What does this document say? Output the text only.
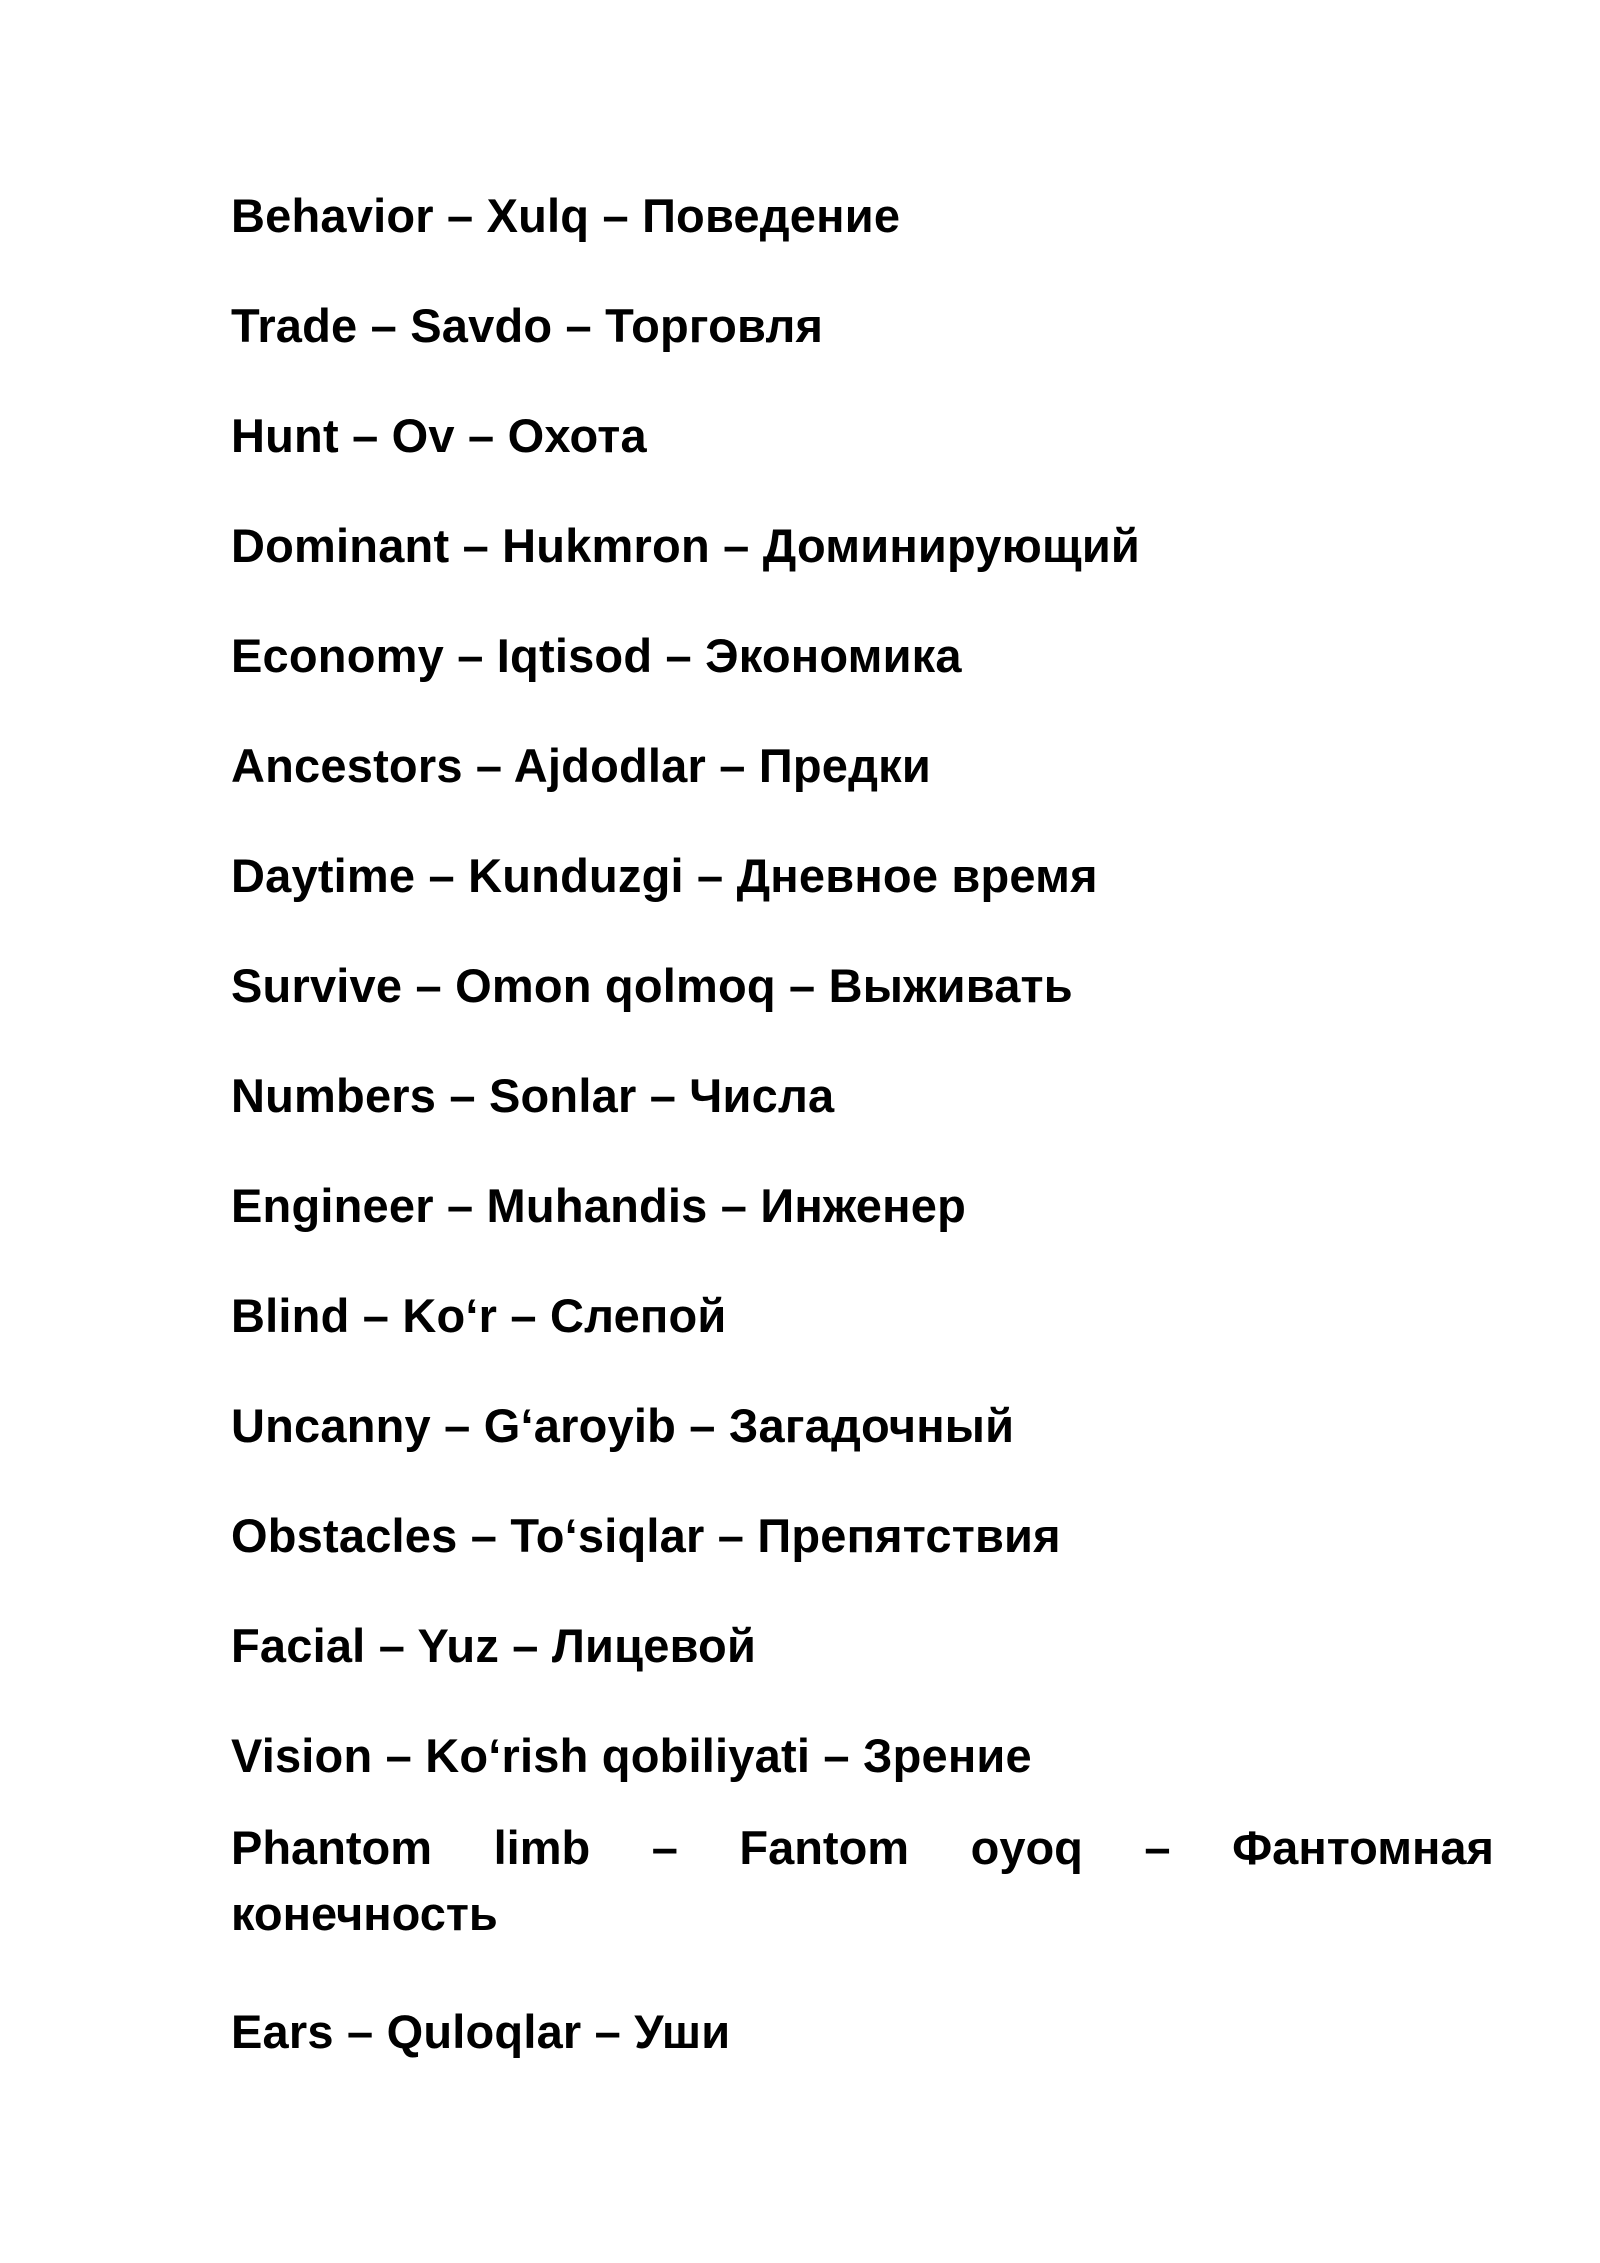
Behavior – Xulq – Поведение
Trade – Savdo – Торговля
Hunt – Ov – Охота
Dominant – Hukmron – Доминирующий
Economy – Iqtisod – Экономика
Ancestors – Ajdodlar – Предки
Daytime – Kunduzgi – Дневное время
Survive – Omon qolmoq – Выживать
Numbers – Sonlar – Числа
Engineer – Muhandis – Инженер
Blind – Ko‘r – Слепой
Uncanny – G‘aroyib – Загадочный
Obstacles – To‘siqlar – Препятствия
Facial – Yuz – Лицевой
Vision – Ko‘rish qobiliyati – Зрение
Phantom limb – Fantom oyoq – Фантомная
конечность
Ears – Quloqlar – Уши
